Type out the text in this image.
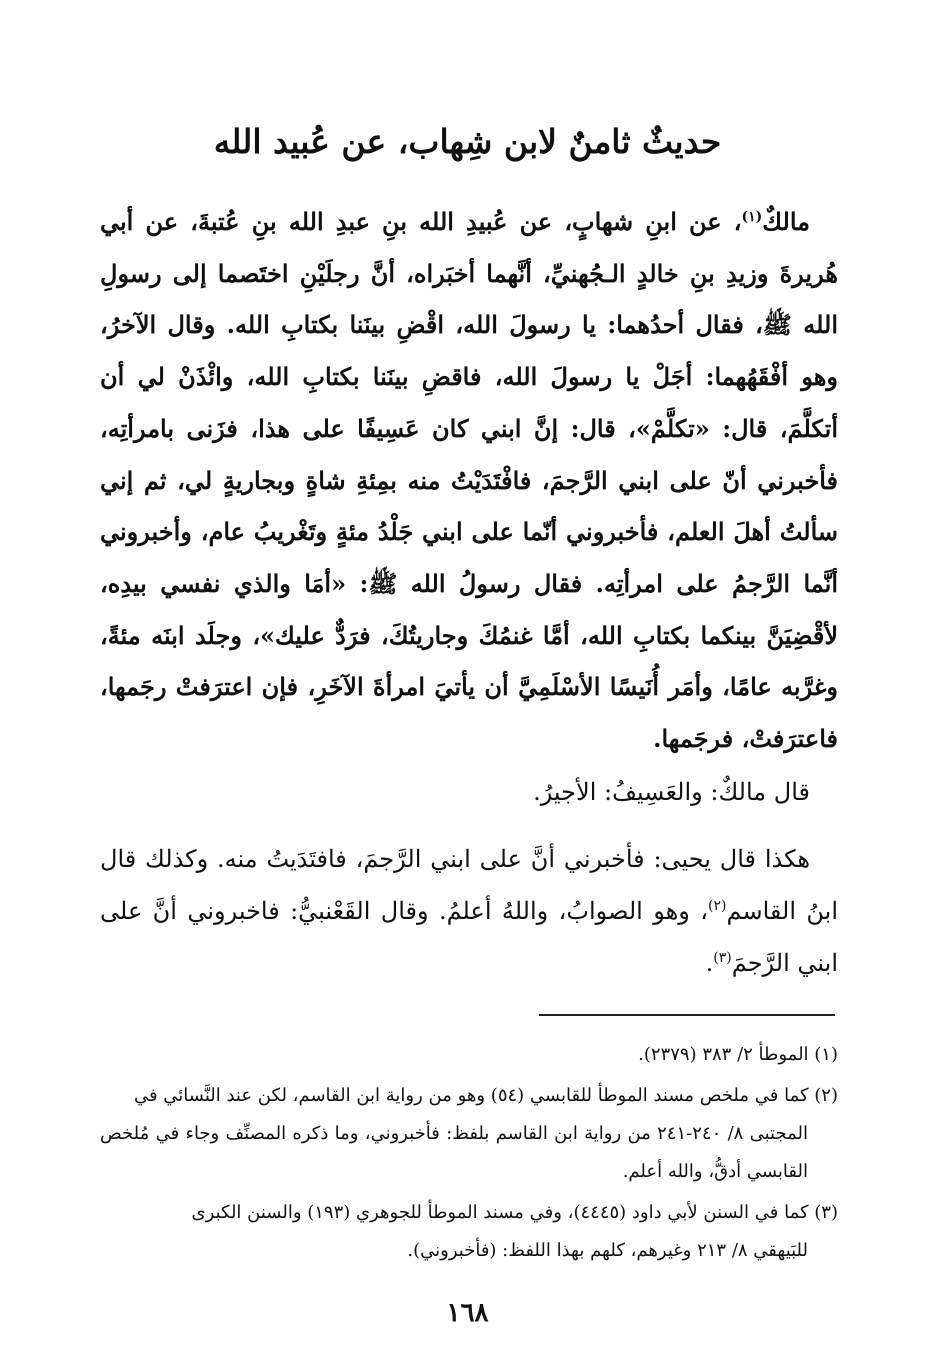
حديثٌ ثامنٌ لابن شِهاب، عن عُبيد الله

مالكٌ$^{(١)}$، عن ابنِ شهابٍ، عن عُبيدِ الله بنِ عبدِ الله بنِ عُتبةَ، عن أبي هُريرةَ وزيدِ بنِ خالدٍ الـجُهنيِّ، أنَّهما أخبَراه، أنَّ رجلَيْنِ اختَصما إلى رسولِ الله ﷺ، فقال أحدُهما: يا رسولَ الله، اقْضِ بينَنا بكتابِ الله. وقال الآخرُ، وهو أفْقَهُهما: أجَلْ يا رسولَ الله، فاقضِ بينَنا بكتابِ الله، وائْذَنْ لي أن أتكلَّمَ، قال: «تكلَّمْ»، قال: إنَّ ابني كان عَسِيفًا على هذا، فزَنى بامرأتِه، فأخبرني أنّ على ابني الرَّجمَ، فافْتَدَيْتُ منه بمِئةِ شاةٍ وبجاريةٍ لي، ثم إني سألتُ أهلَ العلم، فأخبروني أنّما على ابني جَلْدُ مئةٍ وتَغْريبُ عام، وأخبروني أنَّما الرَّجمُ على امرأتِه. فقال رسولُ الله ﷺ: «أمَا والذي نفسي بيدِه، لأقْضِيَنَّ بينكما بكتابِ الله، أمَّا غنمُكَ وجاريتُكَ، فرَدٌّ عليك»، وجلَد ابنَه مئةً، وغرَّبه عامًا، وأمَر أُنَيسًا الأسْلَمِيَّ أن يأتيَ امرأةَ الآخَرِ، فإن اعترَفتْ رجَمها، فاعترَفتْ، فرجَمها.

قال مالكٌ: والعَسِيفُ: الأجيرُ.

هكذا قال يحيى: فأخبرني أنَّ على ابني الرَّجمَ، فافتَدَيتُ منه. وكذلك قال ابنُ القاسم$^{(٢)}$، وهو الصوابُ، واللهُ أعلمُ. وقال القَعْنبيُّ: فاخبروني أنَّ على ابني الرَّجمَ$^{(٣)}$.

(١) الموطأ ٢/ ٣٨٣ (٢٣٧٩).

(٢) كما في ملخص مسند الموطأ للقابسي (٥٤) وهو من رواية ابن القاسم، لكن عند النَّسائي في
المجتبى ٨/ ٢٤٠-٢٤١ من رواية ابن القاسم بلفظ: فأخبروني، وما ذكره المصنِّف وجاء في مُلخص القابسي أدقُّ، والله أعلم.

(٣) كما في السنن لأبي داود (٤٤٤٥)، وفي مسند الموطأ للجوهري (١٩٣) والسنن الكبرى
للبَيهقي ٨/ ٢١٣ وغيرهم، كلهم بهذا اللفظ: (فأخبروني).

١٦٨
